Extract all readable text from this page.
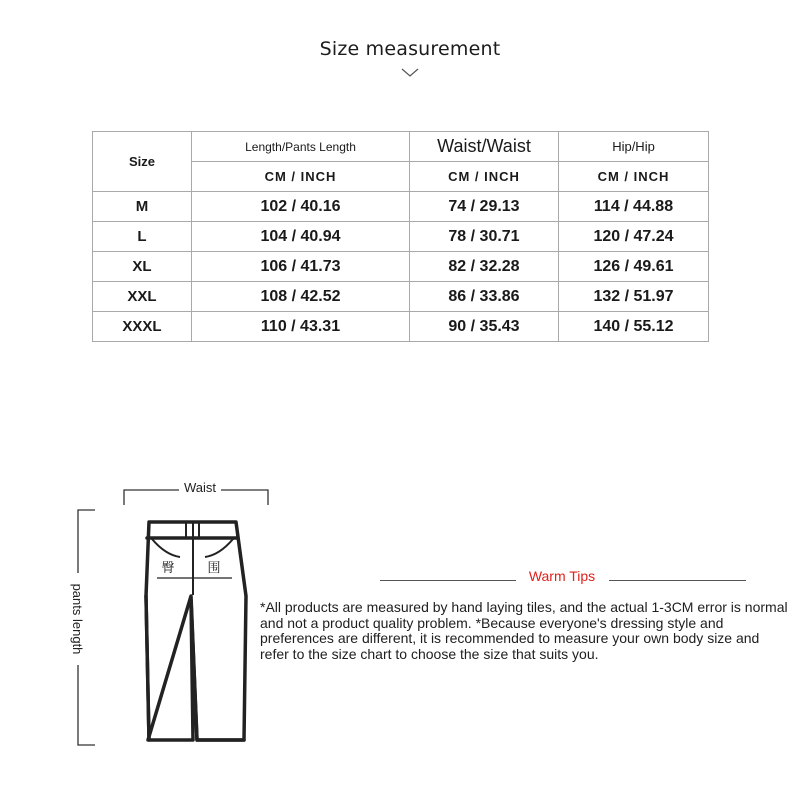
Size measurement
Size	Length/Pants Length	Waist/Waist	Hip/Hip
	CM / INCH	CM / INCH	CM / INCH
M	102 / 40.16	74 / 29.13	114 / 44.88
L	104 / 40.94	78 / 30.71	120 / 47.24
XL	106 / 41.73	82 / 32.28	126 / 49.61
XXL	108 / 42.52	86 / 33.86	132 / 51.97
XXXL	110 / 43.31	90 / 35.43	140 / 55.12
Waist
pants length
臀	围	Warm Tips
*All products are measured by hand laying tiles, and the actual 1-3CM error is normal and not a product quality problem. *Because everyone's dressing style and preferences are different, it is recommended to measure your own body size and refer to the size chart to choose the size that suits you.
